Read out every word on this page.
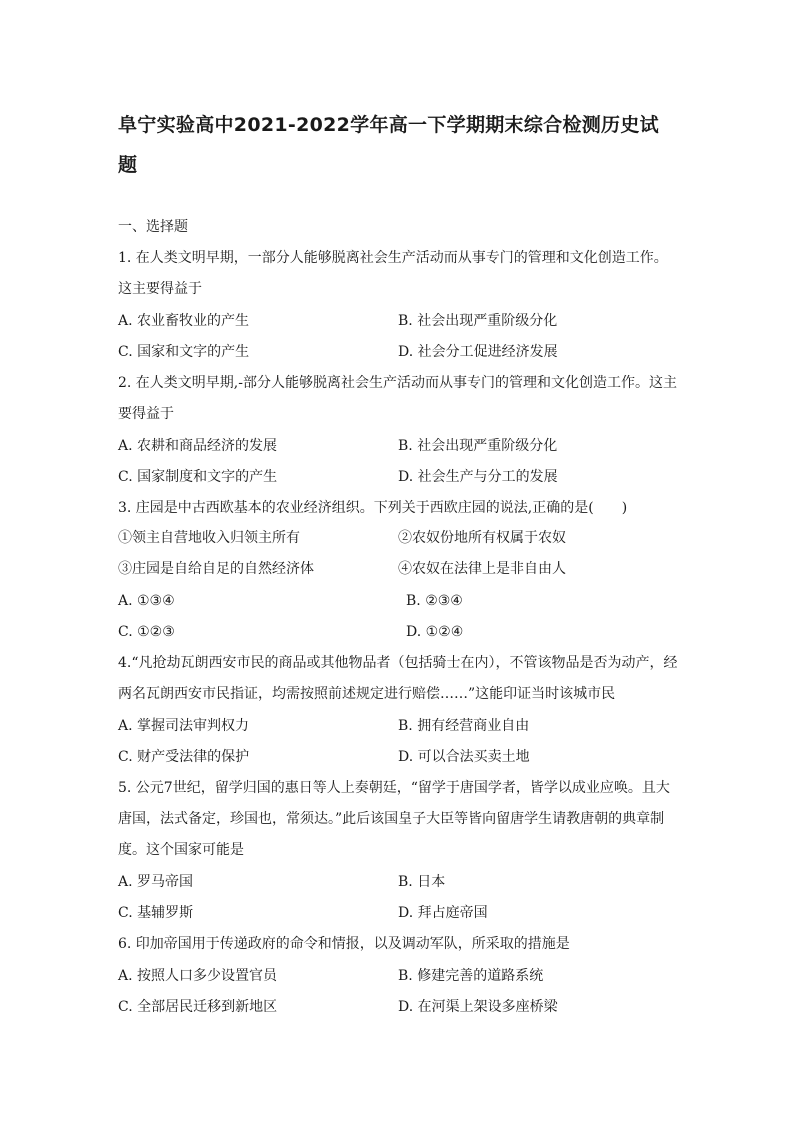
阜宁实验高中2021-2022学年高一下学期期末综合检测历史试
题
一、选择题
1. 在人类文明早期，一部分人能够脱离社会生产活动而从事专门的管理和文化创造工作。这主要得益于
A. 农业畜牧业的产生	B. 社会出现严重阶级分化
C. 国家和文字的产生	D. 社会分工促进经济发展
2. 在人类文明早期,-部分人能够脱离社会生产活动而从事专门的管理和文化创造工作。这主要得益于
A. 农耕和商品经济的发展	B. 社会出现严重阶级分化
C. 国家制度和文字的产生	D. 社会生产与分工的发展
3. 庄园是中古西欧基本的农业经济组织。下列关于西欧庄园的说法,正确的是(　　)
①领主自营地收入归领主所有	②农奴份地所有权属于农奴
③庄园是自给自足的自然经济体	④农奴在法律上是非自由人
A. ①③④	B. ②③④
C. ①②③	D. ①②④
4.“凡抢劫瓦朗西安市民的商品或其他物品者（包括骑士在内），不管该物品是否为动产，经两名瓦朗西安市民指证，均需按照前述规定进行赔偿……”这能印证当时该城市民
A. 掌握司法审判权力	B. 拥有经营商业自由
C. 财产受法律的保护	D. 可以合法买卖土地
5. 公元7世纪，留学归国的惠日等人上奏朝廷，“留学于唐国学者，皆学以成业应唤。且大唐国，法式备定，珍国也，常须达。”此后该国皇子大臣等皆向留唐学生请教唐朝的典章制度。这个国家可能是
A. 罗马帝国	B. 日本
C. 基辅罗斯	D. 拜占庭帝国
6. 印加帝国用于传递政府的命令和情报，以及调动军队，所采取的措施是
A. 按照人口多少设置官员	B. 修建完善的道路系统
C. 全部居民迁移到新地区	D. 在河渠上架设多座桥梁
